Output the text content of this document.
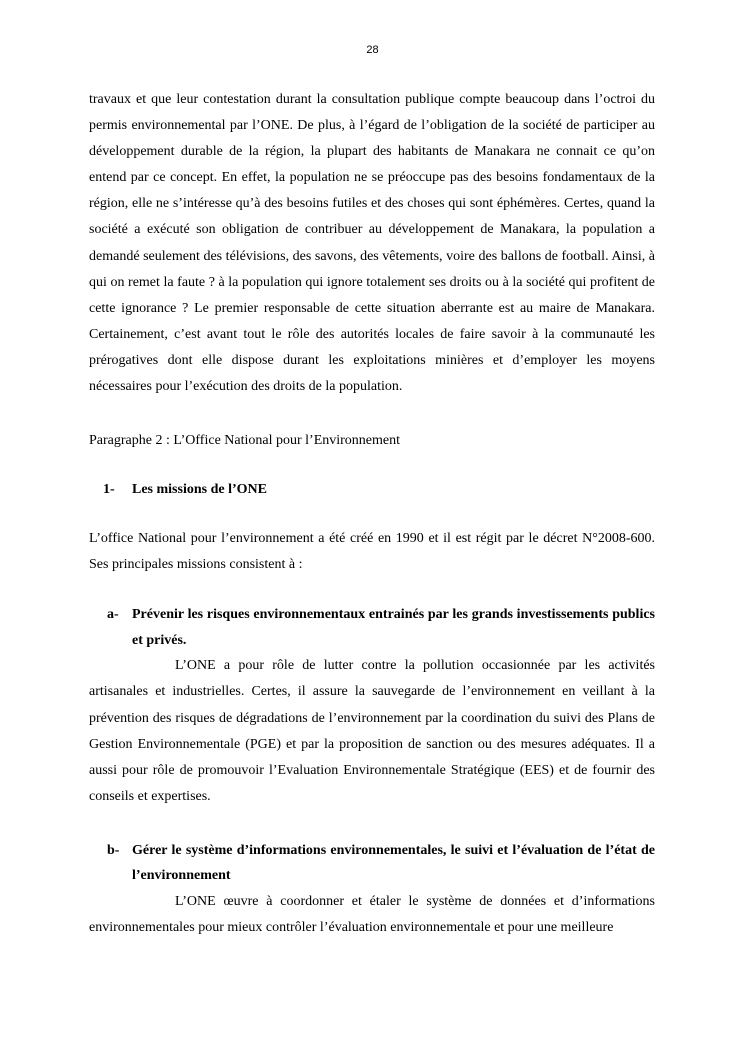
28

travaux et que leur contestation durant la consultation publique compte beaucoup dans l’octroi du permis environnemental par l’ONE. De plus, à l’égard de l’obligation de la société de participer au développement durable de la région, la plupart des habitants de Manakara ne connait ce qu’on entend par ce concept. En effet, la population ne se préoccupe pas des besoins fondamentaux de la région, elle ne s’intéresse qu’à des besoins futiles et des choses qui sont éphémères. Certes, quand la société a exécuté son obligation de contribuer au développement de Manakara, la population a demandé seulement des télévisions, des savons, des vêtements, voire des ballons de football. Ainsi, à qui on remet la faute ? à la population qui ignore totalement ses droits ou à la société qui profitent de cette ignorance ? Le premier responsable de cette situation aberrante est au maire de Manakara. Certainement, c’est avant tout le rôle des autorités locales de faire savoir à la communauté les prérogatives dont elle dispose durant les exploitations minières et d’employer les moyens nécessaires pour l’exécution des droits de la population.

Paragraphe 2 : L’Office National pour l’Environnement

1- Les missions de l’ONE

L’office National pour l’environnement a été créé en 1990 et il est régit par le décret N°2008-600. Ses principales missions consistent à :

a- Prévenir les risques environnementaux entrainés par les grands investissements publics et privés.

L’ONE a pour rôle de lutter contre la pollution occasionnée par les activités artisanales et industrielles. Certes, il assure la sauvegarde de l’environnement en veillant à la prévention des risques de dégradations de l’environnement par la coordination du suivi des Plans de Gestion Environnementale (PGE) et par la proposition de sanction ou des mesures adéquates. Il a aussi pour rôle de promouvoir l’Evaluation Environnementale Stratégique (EES) et de fournir des conseils et expertises.

b- Gérer le système d’informations environnementales, le suivi et l’évaluation de l’état de l’environnement

L’ONE œuvre à coordonner et étaler le système de données et d’informations environnementales pour mieux contrôler l’évaluation environnementale et pour une meilleure
